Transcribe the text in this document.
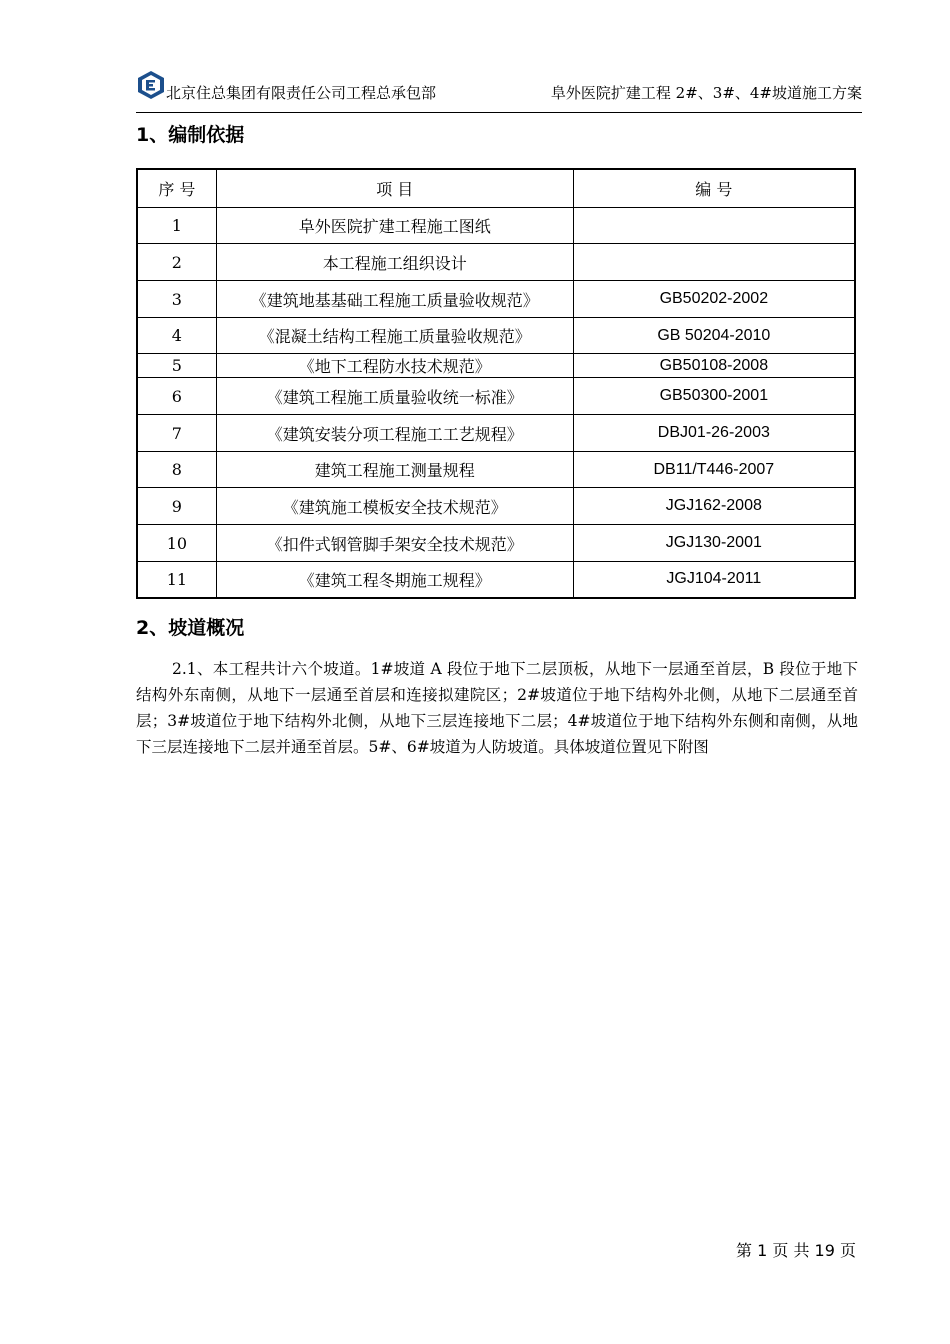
北京住总集团有限责任公司工程总承包部	阜外医院扩建工程 2#、3#、4#坡道施工方案
1、编制依据
序 号	项 目	编 号
1	阜外医院扩建工程施工图纸	
2	本工程施工组织设计	
3	《建筑地基基础工程施工质量验收规范》	GB50202-2002
4	《混凝土结构工程施工质量验收规范》	GB 50204-2010
5	《地下工程防水技术规范》	GB50108-2008
6	《建筑工程施工质量验收统一标准》	GB50300-2001
7	《建筑安装分项工程施工工艺规程》	DBJ01-26-2003
8	建筑工程施工测量规程	DB11/T446-2007
9	《建筑施工模板安全技术规范》	JGJ162-2008
10	《扣件式钢管脚手架安全技术规范》	JGJ130-2001
11	《建筑工程冬期施工规程》	JGJ104-2011
2、坡道概况

2.1、本工程共计六个坡道。1#坡道 A 段位于地下二层顶板，从地下一层通至首层，B 段位于地下结构外东南侧，从地下一层通至首层和连接拟建院区；2#坡道位于地下结构外北侧，从地下二层通至首层；3#坡道位于地下结构外北侧，从地下三层连接地下二层；4#坡道位于地下结构外东侧和南侧，从地下三层连接地下二层并通至首层。5#、6#坡道为人防坡道。具体坡道位置见下附图

第 1 页 共 19 页
